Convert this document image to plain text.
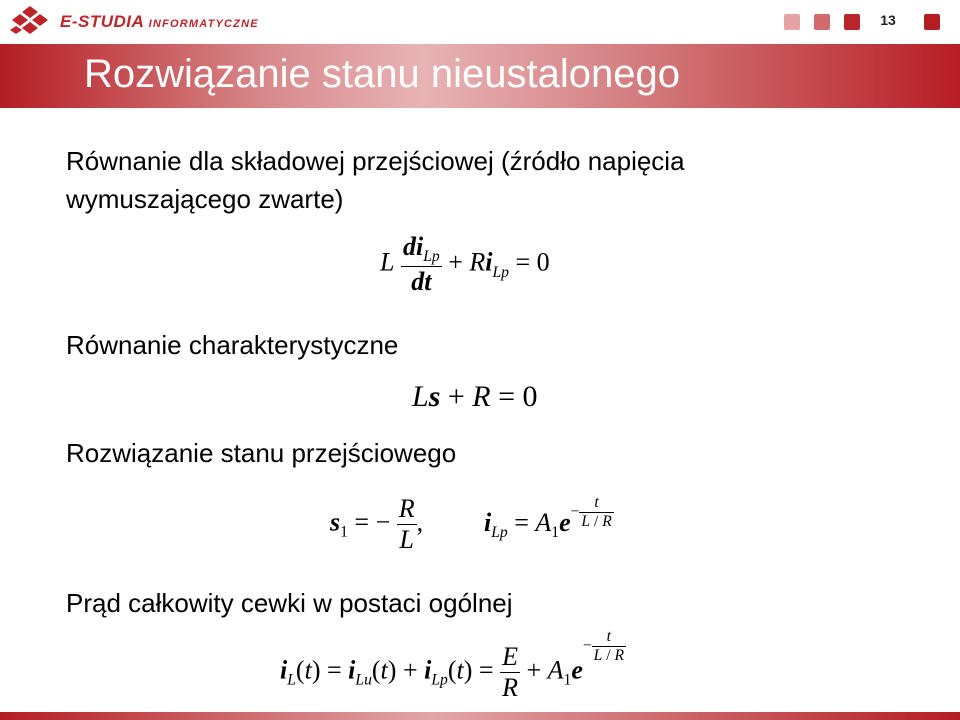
E-STUDIA INFORMATYCZNE	13
Rozwiązanie stanu nieustalonego
Równanie dla składowej przejściowej (źródło napięcia
wymuszającego zwarte)
L $\frac{di_{Lp}}{dt} + Ri_{Lp} = 0$
Równanie charakterystyczne
Ls + R = 0
Rozwiązanie stanu przejściowego
$s_1$ = − $\frac{R}{L}$ , $i_{Lp} = A_1e- \frac{t}{L / R}$
Prąd całkowity cewki w postaci ogólnej
$i_L(t) = i_{Lu}(t) + i_{Lp}(t) = \frac{E}{R} + A_1e- \frac{t}{L / R}$
